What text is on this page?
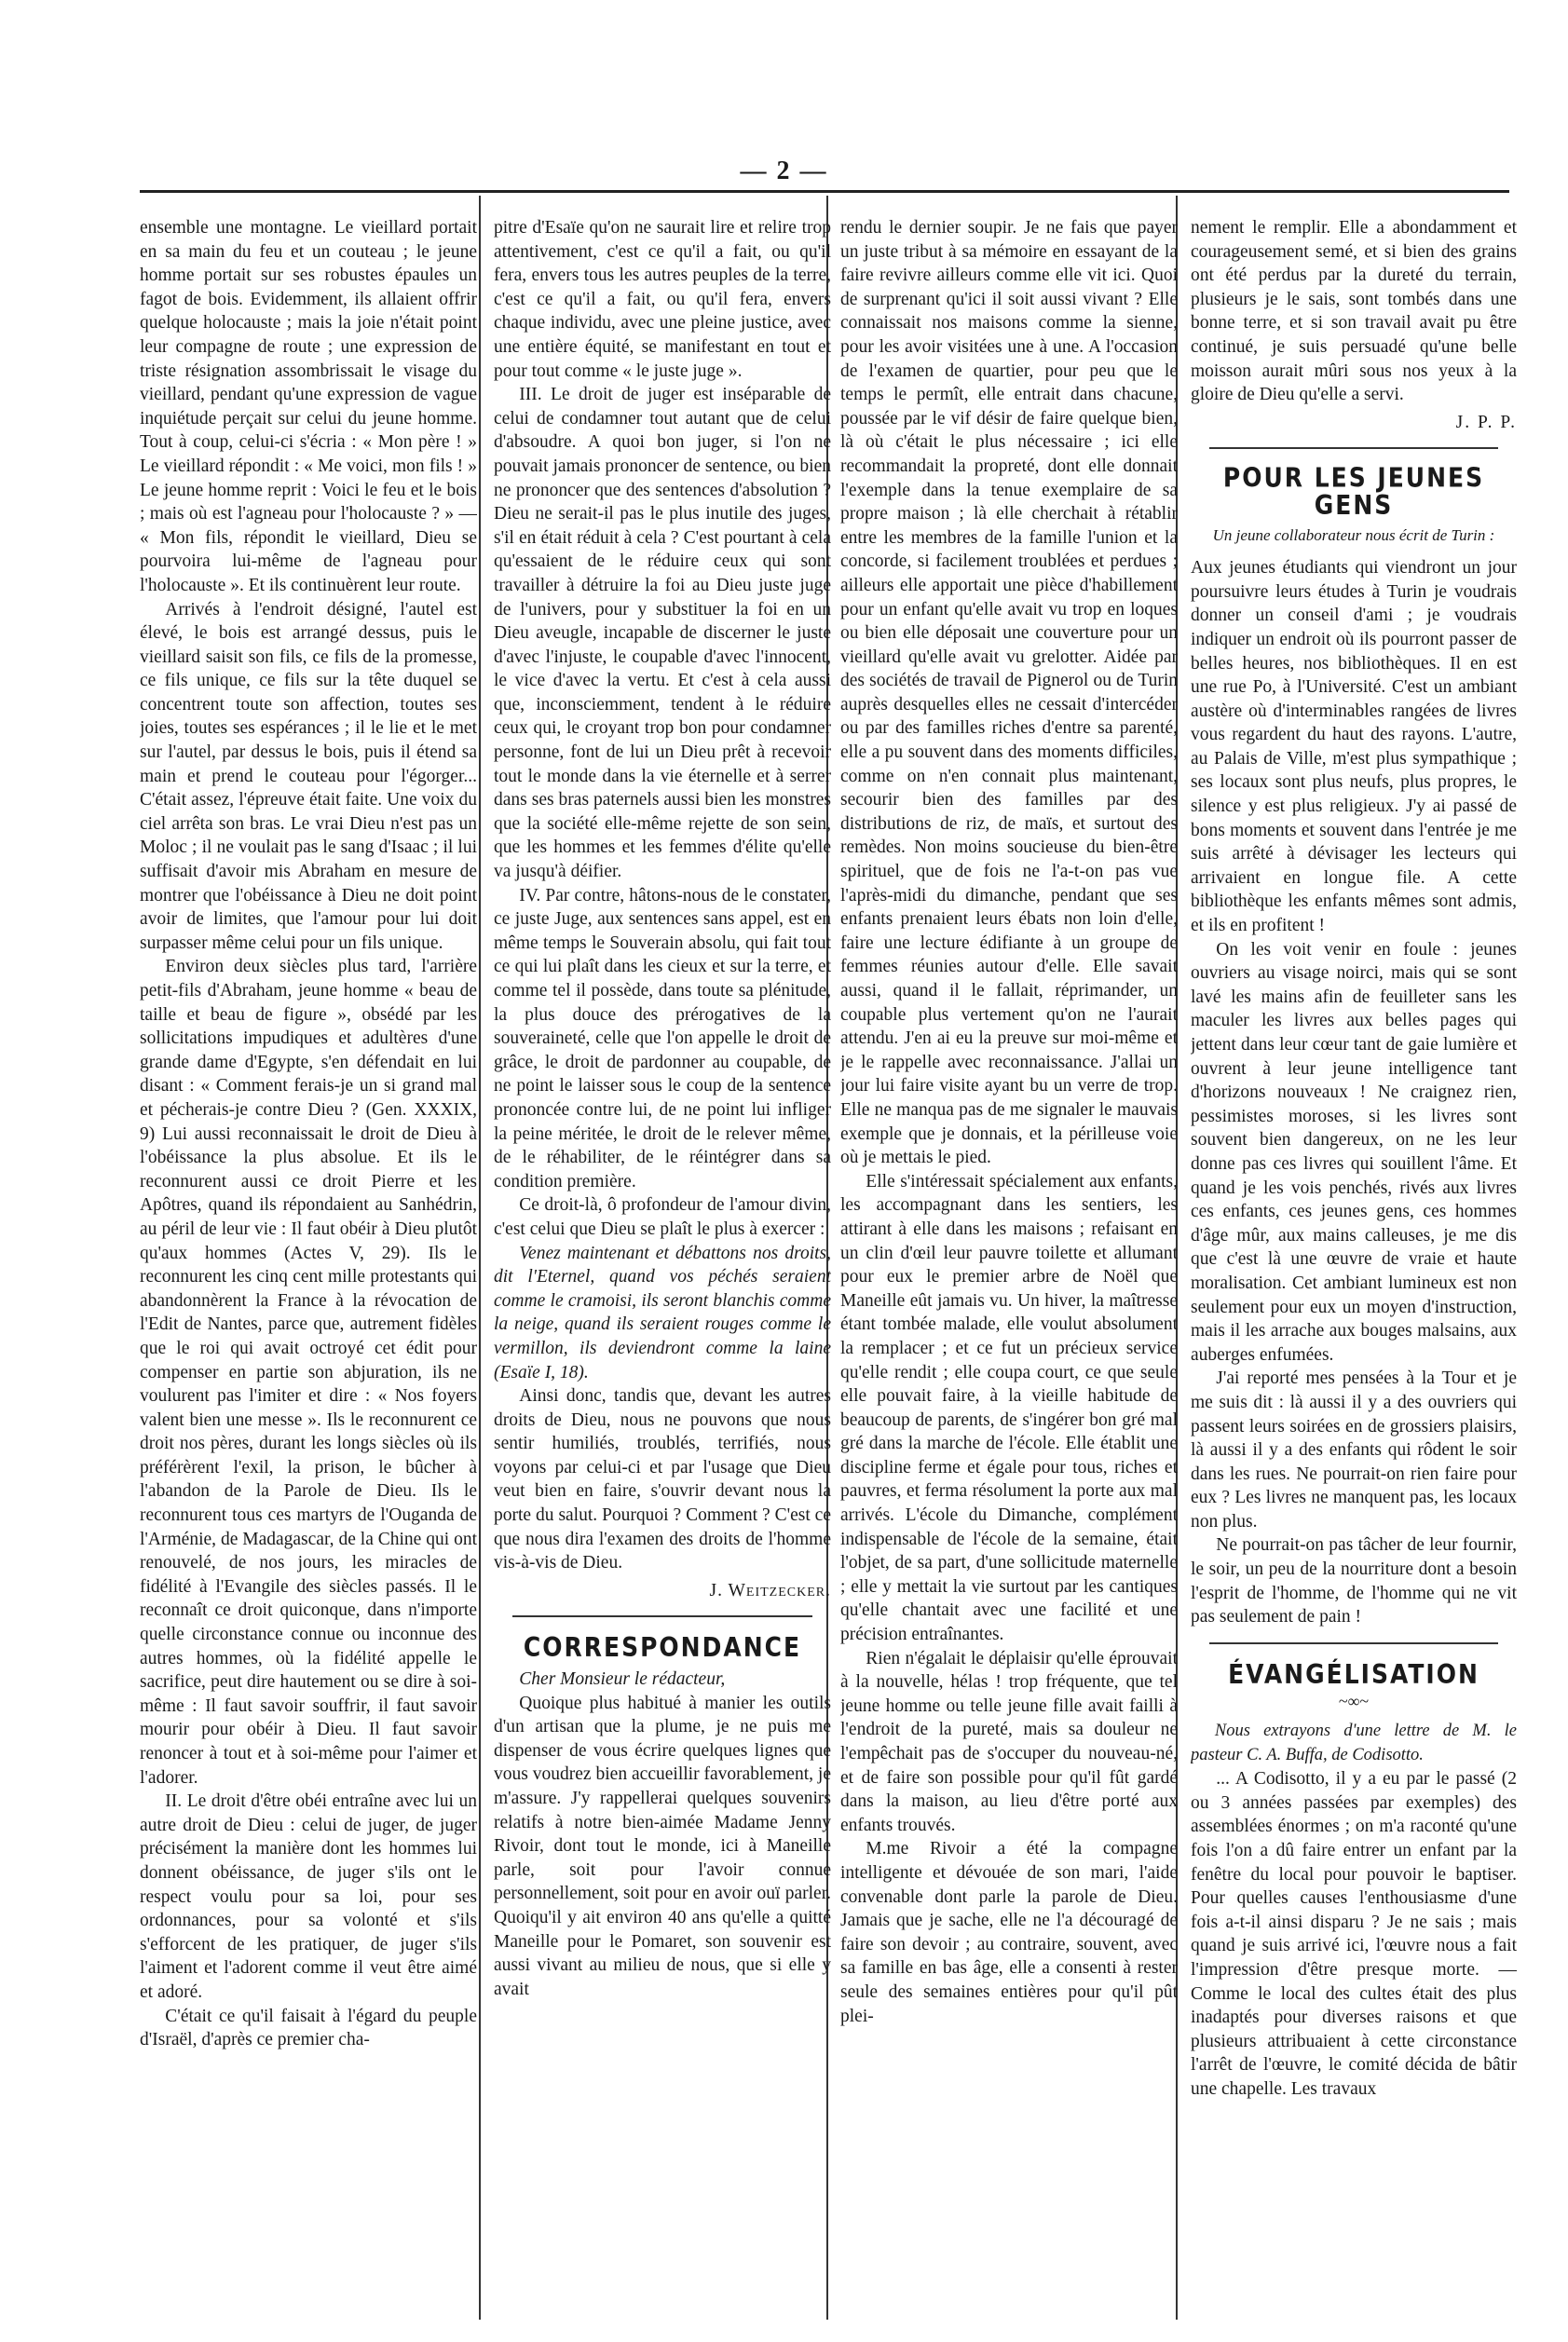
— 2 —

ensemble une montagne. Le vieillard portait en sa main du feu et un couteau ; le jeune homme portait sur ses robustes épaules un fagot de bois. Evidemment, ils allaient offrir quelque holocauste ; mais la joie n'était point leur compagne de route ; une expression de triste résignation assombrissait le visage du vieillard, pendant qu'une expression de vague inquiétude perçait sur celui du jeune homme. Tout à coup, celui-ci s'écria : « Mon père ! » Le vieillard répondit : « Me voici, mon fils ! » Le jeune homme reprit : Voici le feu et le bois ; mais où est l'agneau pour l'holocauste ? » — « Mon fils, répondit le vieillard, Dieu se pourvoira lui-même de l'agneau pour l'holocauste ». Et ils continuèrent leur route.

Arrivés à l'endroit désigné, l'autel est élevé, le bois est arrangé dessus, puis le vieillard saisit son fils, ce fils de la promesse, ce fils unique, ce fils sur la tête duquel se concentrent toute son affection, toutes ses joies, toutes ses espérances ; il le lie et le met sur l'autel, par dessus le bois, puis il étend sa main et prend le couteau pour l'égorger... C'était assez, l'épreuve était faite. Une voix du ciel arrêta son bras. Le vrai Dieu n'est pas un Moloc ; il ne voulait pas le sang d'Isaac ; il lui suffisait d'avoir mis Abraham en mesure de montrer que l'obéissance à Dieu ne doit point avoir de limites, que l'amour pour lui doit surpasser même celui pour un fils unique.

Environ deux siècles plus tard, l'arrière petit-fils d'Abraham, jeune homme « beau de taille et beau de figure », obsédé par les sollicitations impudiques et adultères d'une grande dame d'Egypte, s'en défendait en lui disant : « Comment ferais-je un si grand mal et pécherais-je contre Dieu ? (Gen. XXXIX, 9) Lui aussi reconnaissait le droit de Dieu à l'obéissance la plus absolue. Et ils le reconnurent aussi ce droit Pierre et les Apôtres, quand ils répondaient au Sanhédrin, au péril de leur vie : Il faut obéir à Dieu plutôt qu'aux hommes (Actes V, 29). Ils le reconnurent les cinq cent mille protestants qui abandonnèrent la France à la révocation de l'Edit de Nantes, parce que, autrement fidèles que le roi qui avait octroyé cet édit pour compenser en partie son abjuration, ils ne voulurent pas l'imiter et dire : « Nos foyers valent bien une messe ». Ils le reconnurent ce droit nos pères, durant les longs siècles où ils préférèrent l'exil, la prison, le bûcher à l'abandon de la Parole de Dieu. Ils le reconnurent tous ces martyrs de l'Ouganda de l'Arménie, de Madagascar, de la Chine qui ont renouvelé, de nos jours, les miracles de fidélité à l'Evangile des siècles passés. Il le reconnaît ce droit quiconque, dans n'importe quelle circonstance connue ou inconnue des autres hommes, où la fidélité appelle le sacrifice, peut dire hautement ou se dire à soi-même : Il faut savoir souffrir, il faut savoir mourir pour obéir à Dieu. Il faut savoir renoncer à tout et à soi-même pour l'aimer et l'adorer.

II. Le droit d'être obéi entraîne avec lui un autre droit de Dieu : celui de juger, de juger précisément la manière dont les hommes lui donnent obéissance, de juger s'ils ont le respect voulu pour sa loi, pour ses ordonnances, pour sa volonté et s'ils s'efforcent de les pratiquer, de juger s'ils l'aiment et l'adorent comme il veut être aimé et adoré.

C'était ce qu'il faisait à l'égard du peuple d'Israël, d'après ce premier cha-

pitre d'Esaïe qu'on ne saurait lire et relire trop attentivement, c'est ce qu'il a fait, ou qu'il fera, envers tous les autres peuples de la terre, c'est ce qu'il a fait, ou qu'il fera, envers chaque individu, avec une pleine justice, avec une entière équité, se manifestant en tout et pour tout comme « le juste juge ».

III. Le droit de juger est inséparable de celui de condamner tout autant que de celui d'absoudre. A quoi bon juger, si l'on ne pouvait jamais prononcer de sentence, ou bien ne prononcer que des sentences d'absolution ? Dieu ne serait-il pas le plus inutile des juges, s'il en était réduit à cela ? C'est pourtant à cela qu'essaient de le réduire ceux qui sont travailler à détruire la foi au Dieu juste juge de l'univers, pour y substituer la foi en un Dieu aveugle, incapable de discerner le juste d'avec l'injuste, le coupable d'avec l'innocent, le vice d'avec la vertu. Et c'est à cela aussi que, inconsciemment, tendent à le réduire ceux qui, le croyant trop bon pour condamner personne, font de lui un Dieu prêt à recevoir tout le monde dans la vie éternelle et à serrer dans ses bras paternels aussi bien les monstres que la société elle-même rejette de son sein, que les hommes et les femmes d'élite qu'elle va jusqu'à déifier.

IV. Par contre, hâtons-nous de le constater, ce juste Juge, aux sentences sans appel, est en même temps le Souverain absolu, qui fait tout ce qui lui plaît dans les cieux et sur la terre, et comme tel il possède, dans toute sa plénitude, la plus douce des prérogatives de la souveraineté, celle que l'on appelle le droit de grâce, le droit de pardonner au coupable, de ne point le laisser sous le coup de la sentence prononcée contre lui, de ne point lui infliger la peine méritée, le droit de le relever même, de le réhabiliter, de le réintégrer dans sa condition première.

Ce droit-là, ô profondeur de l'amour divin, c'est celui que Dieu se plaît le plus à exercer :

Venez maintenant et débattons nos droits, dit l'Eternel, quand vos péchés seraient comme le cramoisi, ils seront blanchis comme la neige, quand ils seraient rouges comme le vermillon, ils deviendront comme la laine (Esaïe I, 18).

Ainsi donc, tandis que, devant les autres droits de Dieu, nous ne pouvons que nous sentir humiliés, troublés, terrifiés, nous voyons par celui-ci et par l'usage que Dieu veut bien en faire, s'ouvrir devant nous la porte du salut. Pourquoi ? Comment ? C'est ce que nous dira l'examen des droits de l'homme vis-à-vis de Dieu.

J. Weitzecker.
CORRESPONDANCE

Cher Monsieur le rédacteur,

Quoique plus habitué à manier les outils d'un artisan que la plume, je ne puis me dispenser de vous écrire quelques lignes que vous voudrez bien accueillir favorablement, je m'assure. J'y rappellerai quelques souvenirs relatifs à notre bien-aimée Madame Jenny Rivoir, dont tout le monde, ici à Maneille parle, soit pour l'avoir connue personnellement, soit pour en avoir ouï parler. Quoiqu'il y ait environ 40 ans qu'elle a quitté Maneille pour le Pomaret, son souvenir est aussi vivant au milieu de nous, que si elle y avait

rendu le dernier soupir. Je ne fais que payer un juste tribut à sa mémoire en essayant de la faire revivre ailleurs comme elle vit ici. Quoi de surprenant qu'ici il soit aussi vivant ? Elle connaissait nos maisons comme la sienne, pour les avoir visitées une à une. A l'occasion de l'examen de quartier, pour peu que le temps le permît, elle entrait dans chacune, poussée par le vif désir de faire quelque bien, là où c'était le plus nécessaire ; ici elle recommandait la propreté, dont elle donnait l'exemple dans la tenue exemplaire de sa propre maison ; là elle cherchait à rétablir entre les membres de la famille l'union et la concorde, si facilement troublées et perdues ; ailleurs elle apportait une pièce d'habillement pour un enfant qu'elle avait vu trop en loques ou bien elle déposait une couverture pour un vieillard qu'elle avait vu grelotter. Aidée par des sociétés de travail de Pignerol ou de Turin auprès desquelles elles ne cessait d'intercéder ou par des familles riches d'entre sa parenté, elle a pu souvent dans des moments difficiles, comme on n'en connait plus maintenant, secourir bien des familles par des distributions de riz, de maïs, et surtout des remèdes. Non moins soucieuse du bien-être spirituel, que de fois ne l'a-t-on pas vue l'après-midi du dimanche, pendant que ses enfants prenaient leurs ébats non loin d'elle, faire une lecture édifiante à un groupe de femmes réunies autour d'elle. Elle savait aussi, quand il le fallait, réprimander, un coupable plus vertement qu'on ne l'aurait attendu. J'en ai eu la preuve sur moi-même et je le rappelle avec reconnaissance. J'allai un jour lui faire visite ayant bu un verre de trop. Elle ne manqua pas de me signaler le mauvais exemple que je donnais, et la périlleuse voie où je mettais le pied.

Elle s'intéressait spécialement aux enfants, les accompagnant dans les sentiers, les attirant à elle dans les maisons ; refaisant en un clin d'œil leur pauvre toilette et allumant pour eux le premier arbre de Noël que Maneille eût jamais vu. Un hiver, la maîtresse étant tombée malade, elle voulut absolument la remplacer ; et ce fut un précieux service qu'elle rendit ; elle coupa court, ce que seule elle pouvait faire, à la vieille habitude de beaucoup de parents, de s'ingérer bon gré mal gré dans la marche de l'école. Elle établit une discipline ferme et égale pour tous, riches et pauvres, et ferma résolument la porte aux mal arrivés. L'école du Dimanche, complément indispensable de l'école de la semaine, était l'objet, de sa part, d'une sollicitude maternelle ; elle y mettait la vie surtout par les cantiques qu'elle chantait avec une facilité et une précision entraînantes.

Rien n'égalait le déplaisir qu'elle éprouvait à la nouvelle, hélas ! trop fréquente, que tel jeune homme ou telle jeune fille avait failli à l'endroit de la pureté, mais sa douleur ne l'empêchait pas de s'occuper du nouveau-né, et de faire son possible pour qu'il fût gardé dans la maison, au lieu d'être porté aux enfants trouvés.

M.me Rivoir a été la compagne intelligente et dévouée de son mari, l'aide convenable dont parle la parole de Dieu. Jamais que je sache, elle ne l'a découragé de faire son devoir ; au contraire, souvent, avec sa famille en bas âge, elle a consenti à rester seule des semaines entières pour qu'il pût plei-

nement le remplir. Elle a abondamment et courageusement semé, et si bien des grains ont été perdus par la dureté du terrain, plusieurs je le sais, sont tombés dans une bonne terre, et si son travail avait pu être continué, je suis persuadé qu'une belle moisson aurait mûri sous nos yeux à la gloire de Dieu qu'elle a servi.

J. P. P.
POUR LES JEUNES GENS
Un jeune collaborateur nous écrit de Turin :

Aux jeunes étudiants qui viendront un jour poursuivre leurs études à Turin je voudrais donner un conseil d'ami ; je voudrais indiquer un endroit où ils pourront passer de belles heures, nos bibliothèques. Il en est une rue Po, à l'Université. C'est un ambiant austère où d'interminables rangées de livres vous regardent du haut des rayons. L'autre, au Palais de Ville, m'est plus sympathique ; ses locaux sont plus neufs, plus propres, le silence y est plus religieux. J'y ai passé de bons moments et souvent dans l'entrée je me suis arrêté à dévisager les lecteurs qui arrivaient en longue file. A cette bibliothèque les enfants mêmes sont admis, et ils en profitent !

On les voit venir en foule : jeunes ouvriers au visage noirci, mais qui se sont lavé les mains afin de feuilleter sans les maculer les livres aux belles pages qui jettent dans leur cœur tant de gaie lumière et ouvrent à leur jeune intelligence tant d'horizons nouveaux ! Ne craignez rien, pessimistes moroses, si les livres sont souvent bien dangereux, on ne les leur donne pas ces livres qui souillent l'âme. Et quand je les vois penchés, rivés aux livres ces enfants, ces jeunes gens, ces hommes d'âge mûr, aux mains calleuses, je me dis que c'est là une œuvre de vraie et haute moralisation. Cet ambiant lumineux est non seulement pour eux un moyen d'instruction, mais il les arrache aux bouges malsains, aux auberges enfumées.

J'ai reporté mes pensées à la Tour et je me suis dit : là aussi il y a des ouvriers qui passent leurs soirées en de grossiers plaisirs, là aussi il y a des enfants qui rôdent le soir dans les rues. Ne pourrait-on rien faire pour eux ? Les livres ne manquent pas, les locaux non plus.

Ne pourrait-on pas tâcher de leur fournir, le soir, un peu de la nourriture dont a besoin l'esprit de l'homme, de l'homme qui ne vit pas seulement de pain !

ÉVANGÉLISATION
~∞~

Nous extrayons d'une lettre de M. le pasteur C. A. Buffa, de Codisotto.

... A Codisotto, il y a eu par le passé (2 ou 3 années passées par exemples) des assemblées énormes ; on m'a raconté qu'une fois l'on a dû faire entrer un enfant par la fenêtre du local pour pouvoir le baptiser. Pour quelles causes l'enthousiasme d'une fois a-t-il ainsi disparu ? Je ne sais ; mais quand je suis arrivé ici, l'œuvre nous a fait l'impression d'être presque morte. — Comme le local des cultes était des plus inadaptés pour diverses raisons et que plusieurs attribuaient à cette circonstance l'arrêt de l'œuvre, le comité décida de bâtir une chapelle. Les travaux
